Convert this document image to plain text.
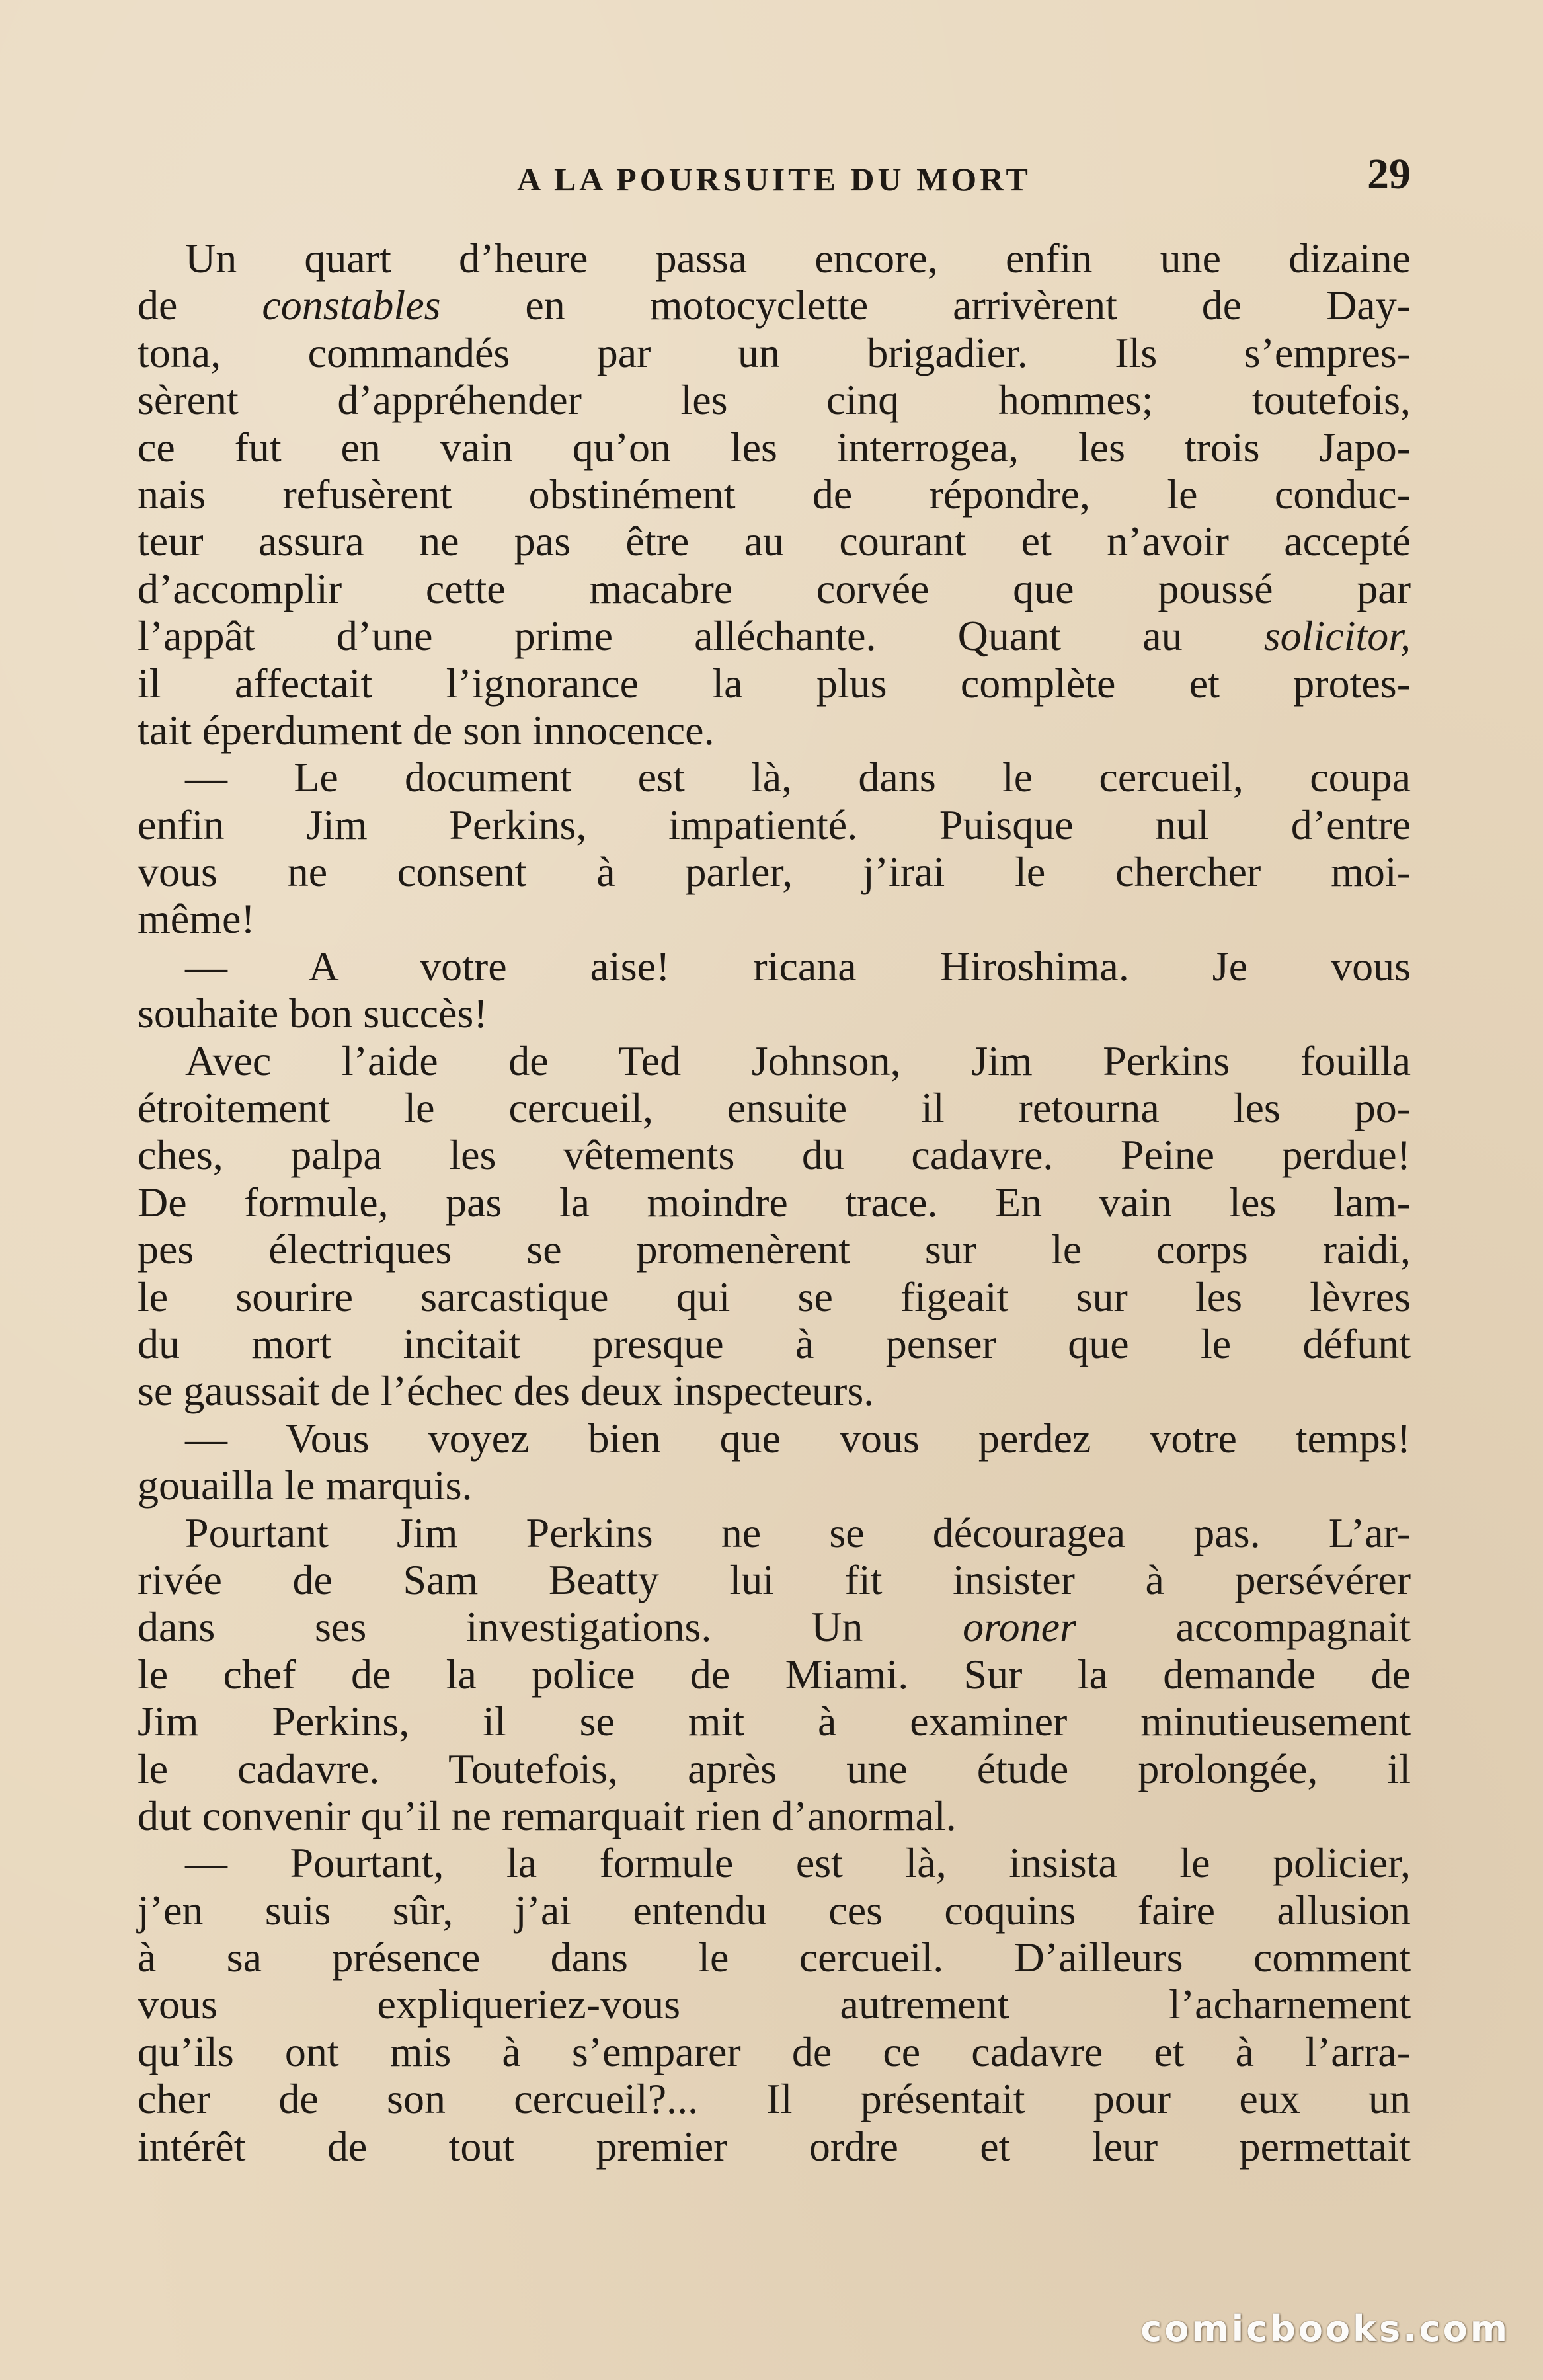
A LA POURSUITE DU MORT	29
Un quart d’heure passa encore, enfin une dizaine
de constables en motocyclette arrivèrent de Day-
tona, commandés par un brigadier. Ils s’empres-
sèrent d’appréhender les cinq hommes; toutefois,
ce fut en vain qu’on les interrogea, les trois Japo-
nais refusèrent obstinément de répondre, le conduc-
teur assura ne pas être au courant et n’avoir accepté
d’accomplir cette macabre corvée que poussé par
l’appât d’une prime alléchante. Quant au solicitor,
il affectait l’ignorance la plus complète et protes-
tait éperdument de son innocence.
— Le document est là, dans le cercueil, coupa
enfin Jim Perkins, impatienté. Puisque nul d’entre
vous ne consent à parler, j’irai le chercher moi-
même!
— A votre aise! ricana Hiroshima. Je vous
souhaite bon succès!
Avec l’aide de Ted Johnson, Jim Perkins fouilla
étroitement le cercueil, ensuite il retourna les po-
ches, palpa les vêtements du cadavre. Peine perdue!
De formule, pas la moindre trace. En vain les lam-
pes électriques se promenèrent sur le corps raidi,
le sourire sarcastique qui se figeait sur les lèvres
du mort incitait presque à penser que le défunt
se gaussait de l’échec des deux inspecteurs.
— Vous voyez bien que vous perdez votre temps!
gouailla le marquis.
Pourtant Jim Perkins ne se découragea pas. L’ar-
rivée de Sam Beatty lui fit insister à persévérer
dans ses investigations. Un oroner accompagnait
le chef de la police de Miami. Sur la demande de
Jim Perkins, il se mit à examiner minutieusement
le cadavre. Toutefois, après une étude prolongée, il
dut convenir qu’il ne remarquait rien d’anormal.
— Pourtant, la formule est là, insista le policier,
j’en suis sûr, j’ai entendu ces coquins faire allusion
à sa présence dans le cercueil. D’ailleurs comment
vous expliqueriez-vous autrement l’acharnement
qu’ils ont mis à s’emparer de ce cadavre et à l’arra-
cher de son cercueil?... Il présentait pour eux un
intérêt de tout premier ordre et leur permettait
comicbooks.com
